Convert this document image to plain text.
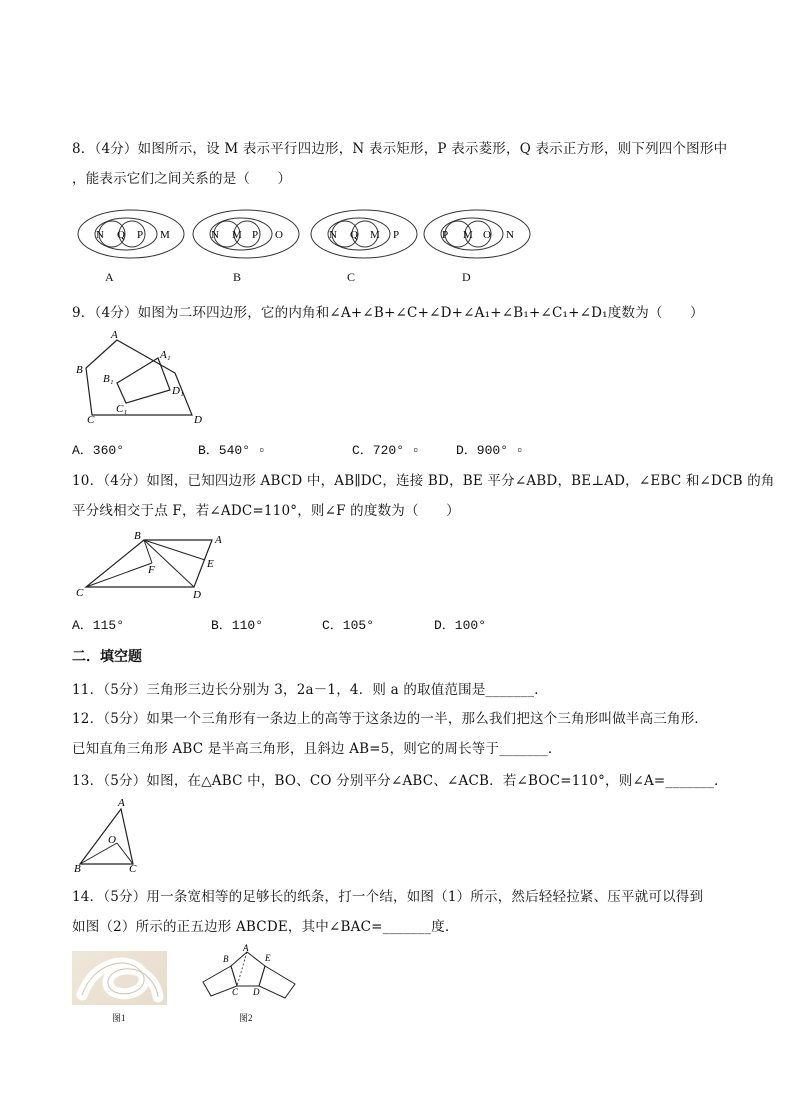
8．（4分）如图所示，设 M 表示平行四边形，N 表示矩形，P 表示菱形，Q 表示正方形，则下列四个图形中
，能表示它们之间关系的是（　　）
N Q P M
A
N M P O
B
N Q M P
C
P M O N
D
9．（4分）如图为二环四边形，它的内角和∠A+∠B+∠C+∠D+∠A₁+∠B₁+∠C₁+∠D₁度数为（　　）
A
B
C	D
A₁
B₁
C₁
D₁
A．360°	B．540° ▫	C．720° ▫	D．900° ▫
10．（4分）如图，已知四边形 ABCD 中，AB∥DC，连接 BD，BE 平分∠ABD，BE⊥AD，∠EBC 和∠DCB 的角
平分线相交于点 F，若∠ADC=110°，则∠F 的度数为（　　）
B	A
F	E
C	D
A．115°	B．110°	C．105°	D．100°
二．填空题
11．（5分）三角形三边长分别为 3，2a－1，4．则 a 的取值范围是_______．
12．（5分）如果一个三角形有一条边上的高等于这条边的一半，那么我们把这个三角形叫做半高三角形．
已知直角三角形 ABC 是半高三角形，且斜边 AB=5，则它的周长等于_______．
13．（5分）如图，在△ABC 中，BO、CO 分别平分∠ABC、∠ACB．若∠BOC=110°，则∠A=_______．
A
O
B	C
14．（5分）用一条宽相等的足够长的纸条，打一个结，如图（1）所示，然后轻轻拉紧、压平就可以得到
如图（2）所示的正五边形 ABCDE，其中∠BAC=_______度．
图1
A
B
C D
E
图2
